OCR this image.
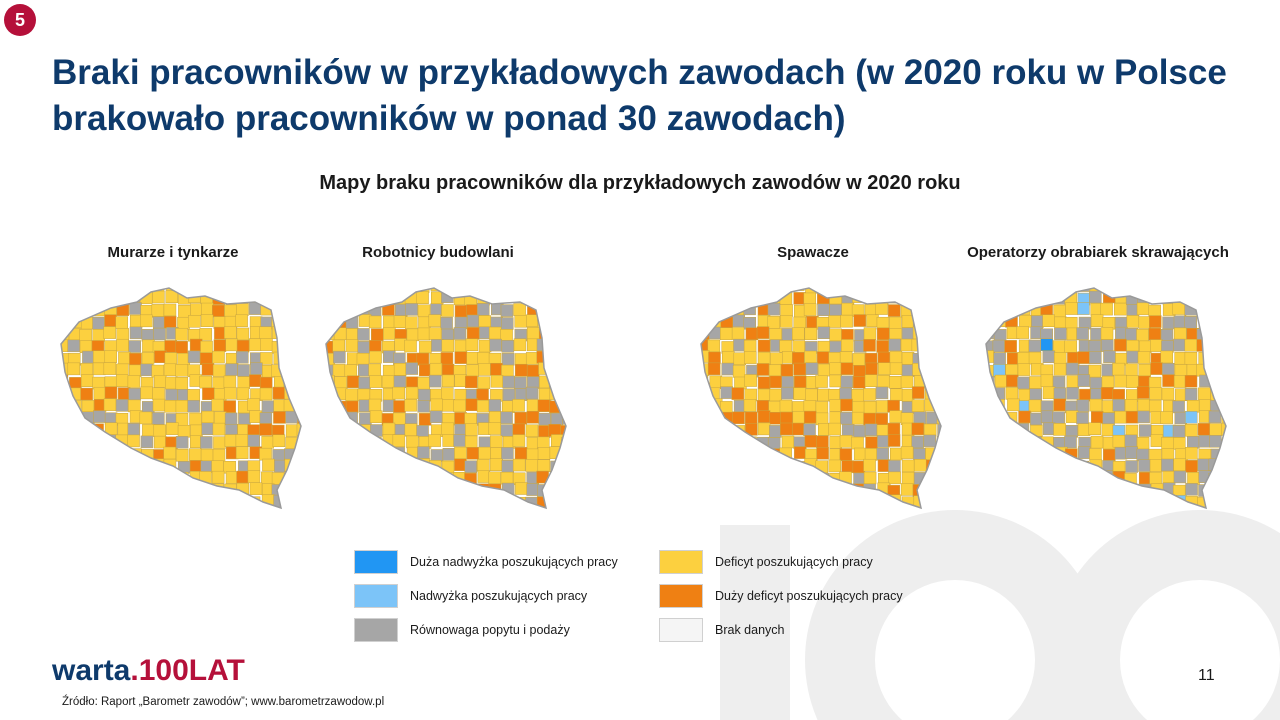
5
Braki pracowników w przykładowych zawodach (w 2020 roku w Polsce brakowało pracowników w ponad 30 zawodach)
Mapy braku pracowników dla przykładowych zawodów w 2020 roku
Murarze i tynkarze	Robotnicy budowlani	Spawacze	Operatorzy obrabiarek skrawających
Duża nadwyżka poszukujących pracy
Nadwyżka poszukujących pracy
Równowaga popytu i podaży
Deficyt poszukujących pracy
Duży deficyt poszukujących pracy
Brak danych
warta.100LAT	11
Źródło: Raport „Barometr zawodów”; www.barometrzawodow.pl
